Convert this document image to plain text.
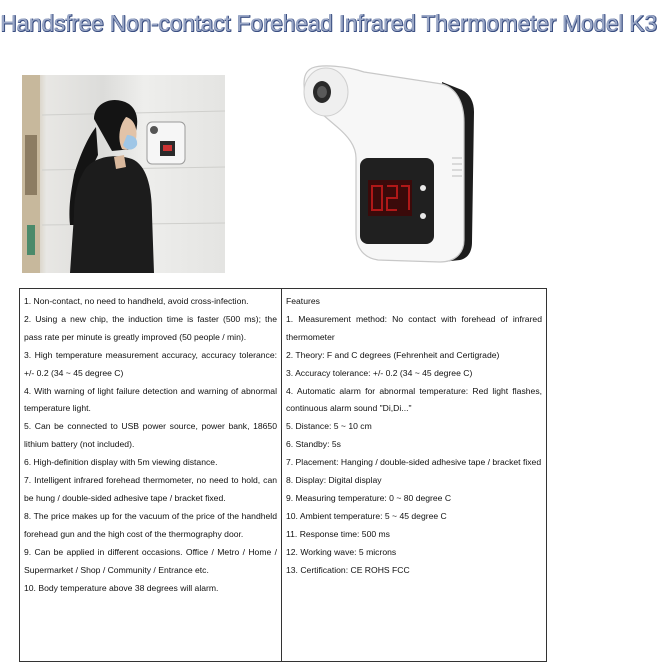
Handsfree Non-contact Forehead Infrared Thermometer Model K3

1. Non-contact, no need to handheld, avoid cross-infection.

2. Using a new chip, the induction time is faster (500 ms); the pass rate per minute is greatly improved (50 people / min).

3. High temperature measurement accuracy, accuracy tolerance: +/- 0.2 (34 ~ 45 degree C)

4. With warning of light failure detection and warning of abnormal temperature light.

5. Can be connected to USB power source, power bank, 18650 lithium battery (not included).

6. High-definition display with 5m viewing distance.

7. Intelligent infrared forehead thermometer, no need to hold, can be hung / double-sided adhesive tape / bracket fixed.

8. The price makes up for the vacuum of the price of the handheld forehead gun and the high cost of the thermography door.

9. Can be applied in different occasions. Office / Metro / Home / Supermarket / Shop / Community / Entrance etc.

10. Body temperature above 38 degrees will alarm.

Features

1. Measurement method: No contact with forehead of infrared thermometer

2. Theory: F and C degrees (Fehrenheit and Certigrade)

3. Accuracy tolerance: +/- 0.2 (34 ~ 45 degree C)

4. Automatic alarm for abnormal temperature: Red light flashes, continuous alarm sound "Di,Di..."

5. Distance: 5 ~ 10 cm

6. Standby: 5s

7. Placement: Hanging / double-sided adhesive tape / bracket fixed

8. Display: Digital display

9. Measuring temperature: 0 ~ 80 degree C

10. Ambient temperature: 5 ~ 45 degree C

11. Response time: 500 ms

12. Working wave: 5 microns

13. Certification: CE ROHS FCC
